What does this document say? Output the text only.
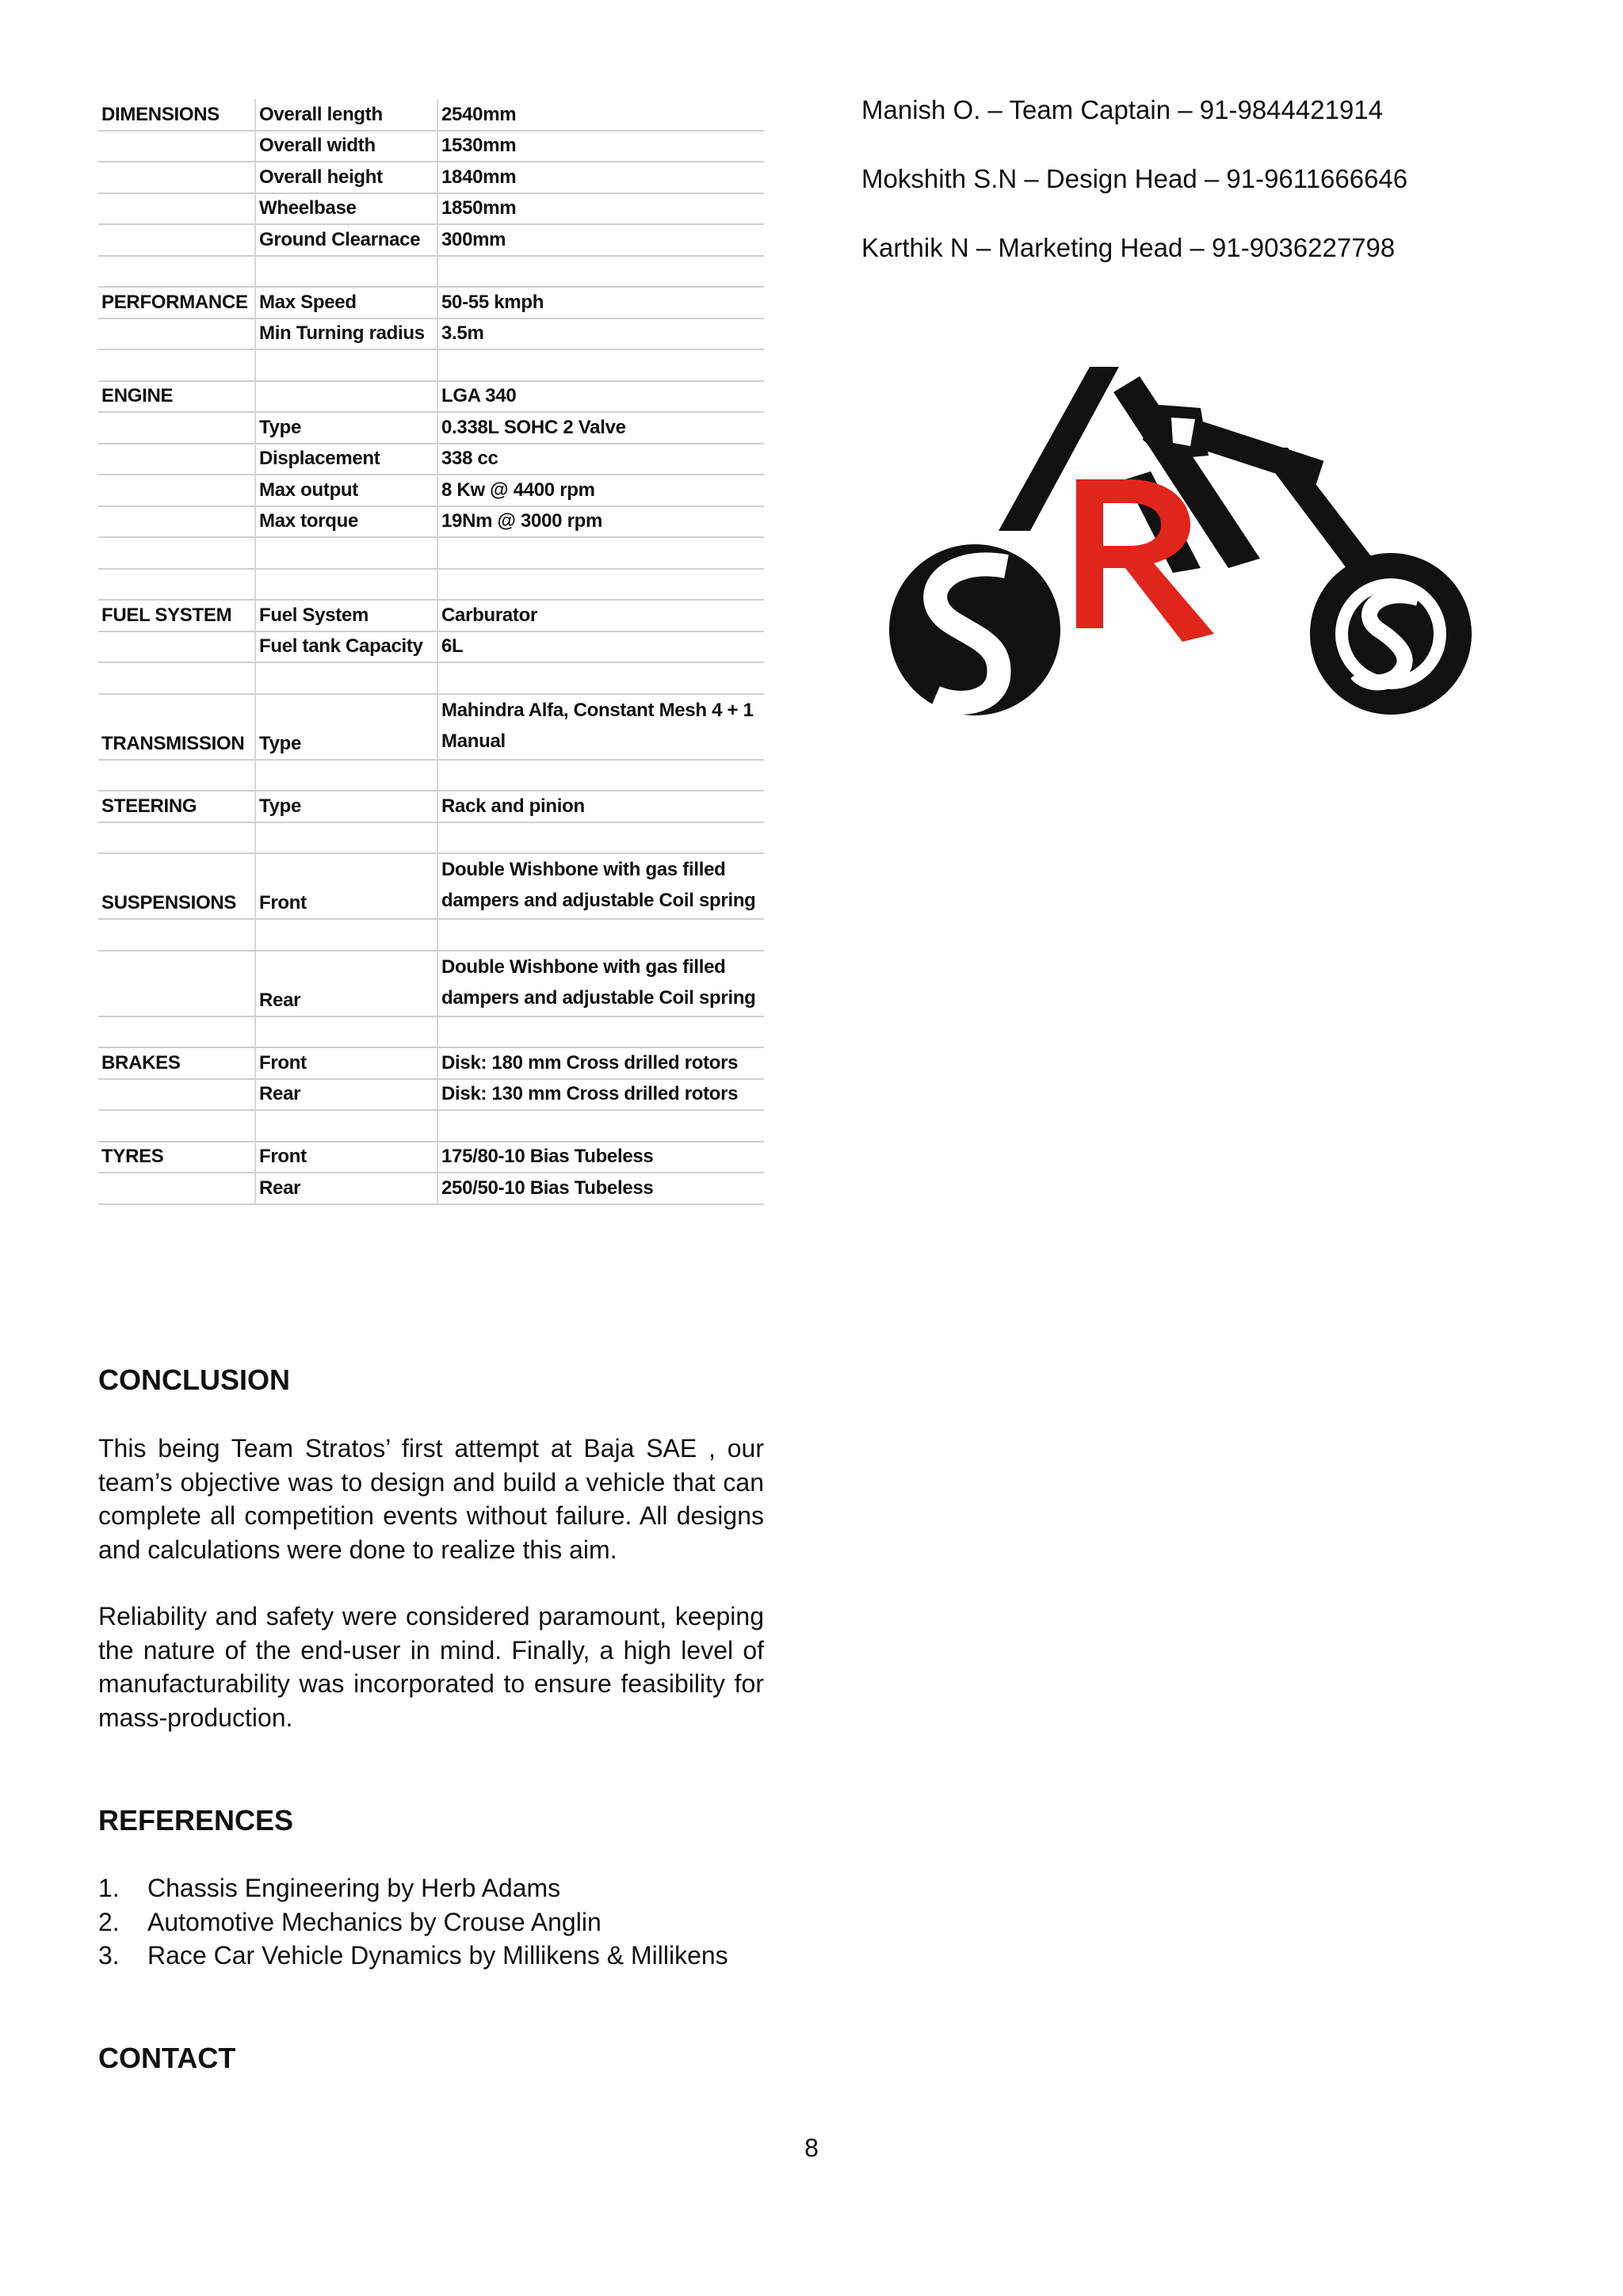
DIMENSIONS	Overall length	2540mm
	Overall width	1530mm
	Overall height	1840mm
	Wheelbase	1850mm
	Ground Clearnace	300mm

PERFORMANCE	Max Speed	50-55 kmph
	Min Turning radius	3.5m

ENGINE		LGA 340
	Type	0.338L SOHC 2 Valve
	Displacement	338 cc
	Max output	8 Kw @ 4400 rpm
	Max torque	19Nm @ 3000 rpm

FUEL SYSTEM	Fuel System	Carburator
	Fuel tank Capacity	6L

TRANSMISSION	Type	Mahindra Alfa, Constant Mesh 4 + 1 Manual

STEERING	Type	Rack and pinion

SUSPENSIONS	Front	Double Wishbone with gas filled dampers and adjustable Coil spring

	Rear	Double Wishbone with gas filled dampers and adjustable Coil spring

BRAKES	Front	Disk: 180 mm Cross drilled rotors
	Rear	Disk: 130 mm Cross drilled rotors

TYRES	Front	175/80-10 Bias Tubeless
	Rear	250/50-10 Bias Tubeless

Manish O. – Team Captain – 91-9844421914

Mokshith S.N – Design Head – 91-9611666646

Karthik N – Marketing Head – 91-9036227798

CONCLUSION

This being Team Stratos’ first attempt at Baja SAE , our team’s objective was to design and build a vehicle that can complete all competition events without failure. All designs and calculations were done to realize this aim.

Reliability and safety were considered paramount, keeping the nature of the end-user in mind. Finally, a high level of manufacturability was incorporated to ensure feasibility for mass-production.

REFERENCES
1.	Chassis Engineering by Herb Adams
2.	Automotive Mechanics by Crouse Anglin
3.	Race Car Vehicle Dynamics by Millikens & Millikens
CONTACT
8
